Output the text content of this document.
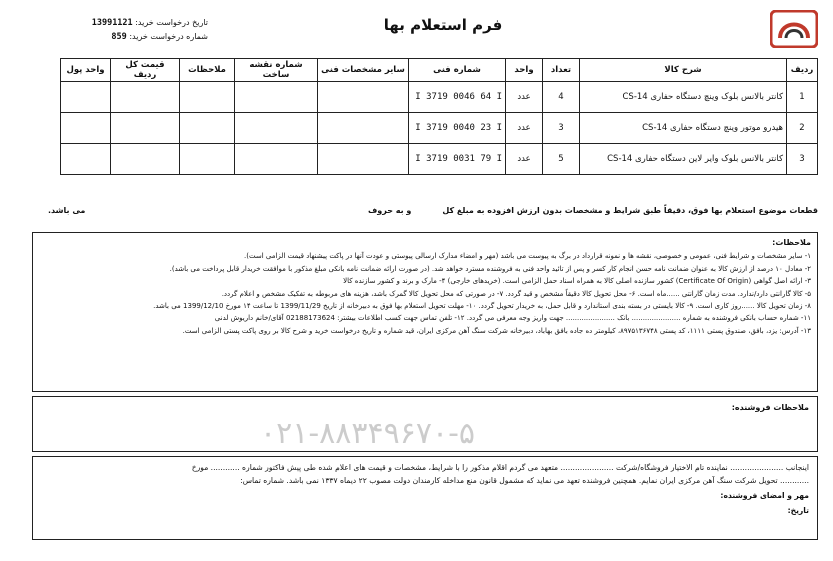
تاریخ درخواست خرید: 13991121
شماره درخواست خرید: 859
فرم استعلام بها
ردیف	شرح کالا	تعداد	واحد	شماره فنی	سایر مشخصات فنی	شماره نقشه ساخت	ملاحظات	قیمت کل ردیف	واحد پول
1	کانتر بالانس بلوک وینچ دستگاه حفاری CS-14	4	عدد	I 3719 0046 64 I					
2	هیدرو موتور وینچ دستگاه حفاری CS-14	3	عدد	I 3719 0040 23 I					
3	کانتر بالانس بلوک وایر لاین دستگاه حفاری CS-14	5	عدد	I 3719 0031 79 I					
قطعات موضوع استعلام بها فوق، دقیقاً طبق شرایط و مشخصات بدون ارزش افزوده به مبلغ کل
و به حروف
می باشد.
ملاحظات:

۱- سایر مشخصات و شرایط فنی، عمومی و خصوصی، نقشه ها و نمونه قرارداد در برگ به پیوست می باشد (مهر و امضاء مدارک ارسالی پیوستی و عودت آنها در پاکت پیشنهاد قیمت الزامی است).

۲- معادل ۱۰ درصد از ارزش کالا به عنوان ضمانت نامه حسن انجام کار کسر و پس از تائید واحد فنی به فروشنده مسترد خواهد شد. (در صورت ارائه ضمانت نامه بانکی مبلغ مذکور با موافقت خریدار قابل پرداخت می باشد).

۳- ارائه اصل گواهی (Certificate Of Origin) کشور سازنده اصلی کالا به همراه اسناد حمل الزامی است. (خریدهای خارجی) ۴- مارک و برند و کشور سازنده کالا

۵- کالا گارانتی دارد/ندارد. مدت زمان گارانتی ......ماه است. ۶- محل تحویل کالا دقیقاً مشخص و قید گردد. ۷- در صورتی که محل تحویل کالا گمرک باشد، هزینه های مربوطه به تفکیک مشخص و اعلام گردد.

۸- زمان تحویل کالا ......روز کاری است. ۹- کالا بایستی در بسته بندی استاندارد و قابل حمل، به خریدار تحویل گردد. ۱۰- مهلت تحویل استعلام بها فوق به دبیرخانه از تاریخ 1399/11/29 تا ساعت ۱۴ مورخ 1399/12/10 می باشد.

۱۱- شماره حساب بانکی فروشنده به شماره ...................... بانک ...................... جهت واریز وجه معرفی می گردد. ۱۲- تلفن تماس جهت کسب اطلاعات بیشتر: 02188173624 آقای/خانم داریوش لدنی

۱۳- آدرس: یزد، بافق، صندوق پستی ۱۱۱۱، کد پستی ۸۹۷۵۱۳۶۷۴۸، کیلومتر ده جاده بافق بهاباد، دبیرخانه شرکت سنگ آهن مرکزی ایران، قید شماره و تاریخ درخواست خرید و شرح کالا بر روی پاکت پستی الزامی است.

ملاحظات فروشنده:
۰۲۱-۸۸۳۴۹۶۷۰-۵

اینجانب ...................... نماینده تام الاختیار فروشگاه/شرکت ...................... متعهد می گردم اقلام مذکور را با شرایط، مشخصات و قیمت های اعلام شده طی پیش فاکتور شماره ............ مورخ

............ تحویل شرکت سنگ آهن مرکزی ایران نمایم. همچنین فروشنده تعهد می نماید که مشمول قانون منع مداخله کارمندان دولت مصوب ۲۲ دیماه ۱۳۳۷ نمی باشد. شماره تماس:

مهر و امضای فروشنده:

تاریخ:
